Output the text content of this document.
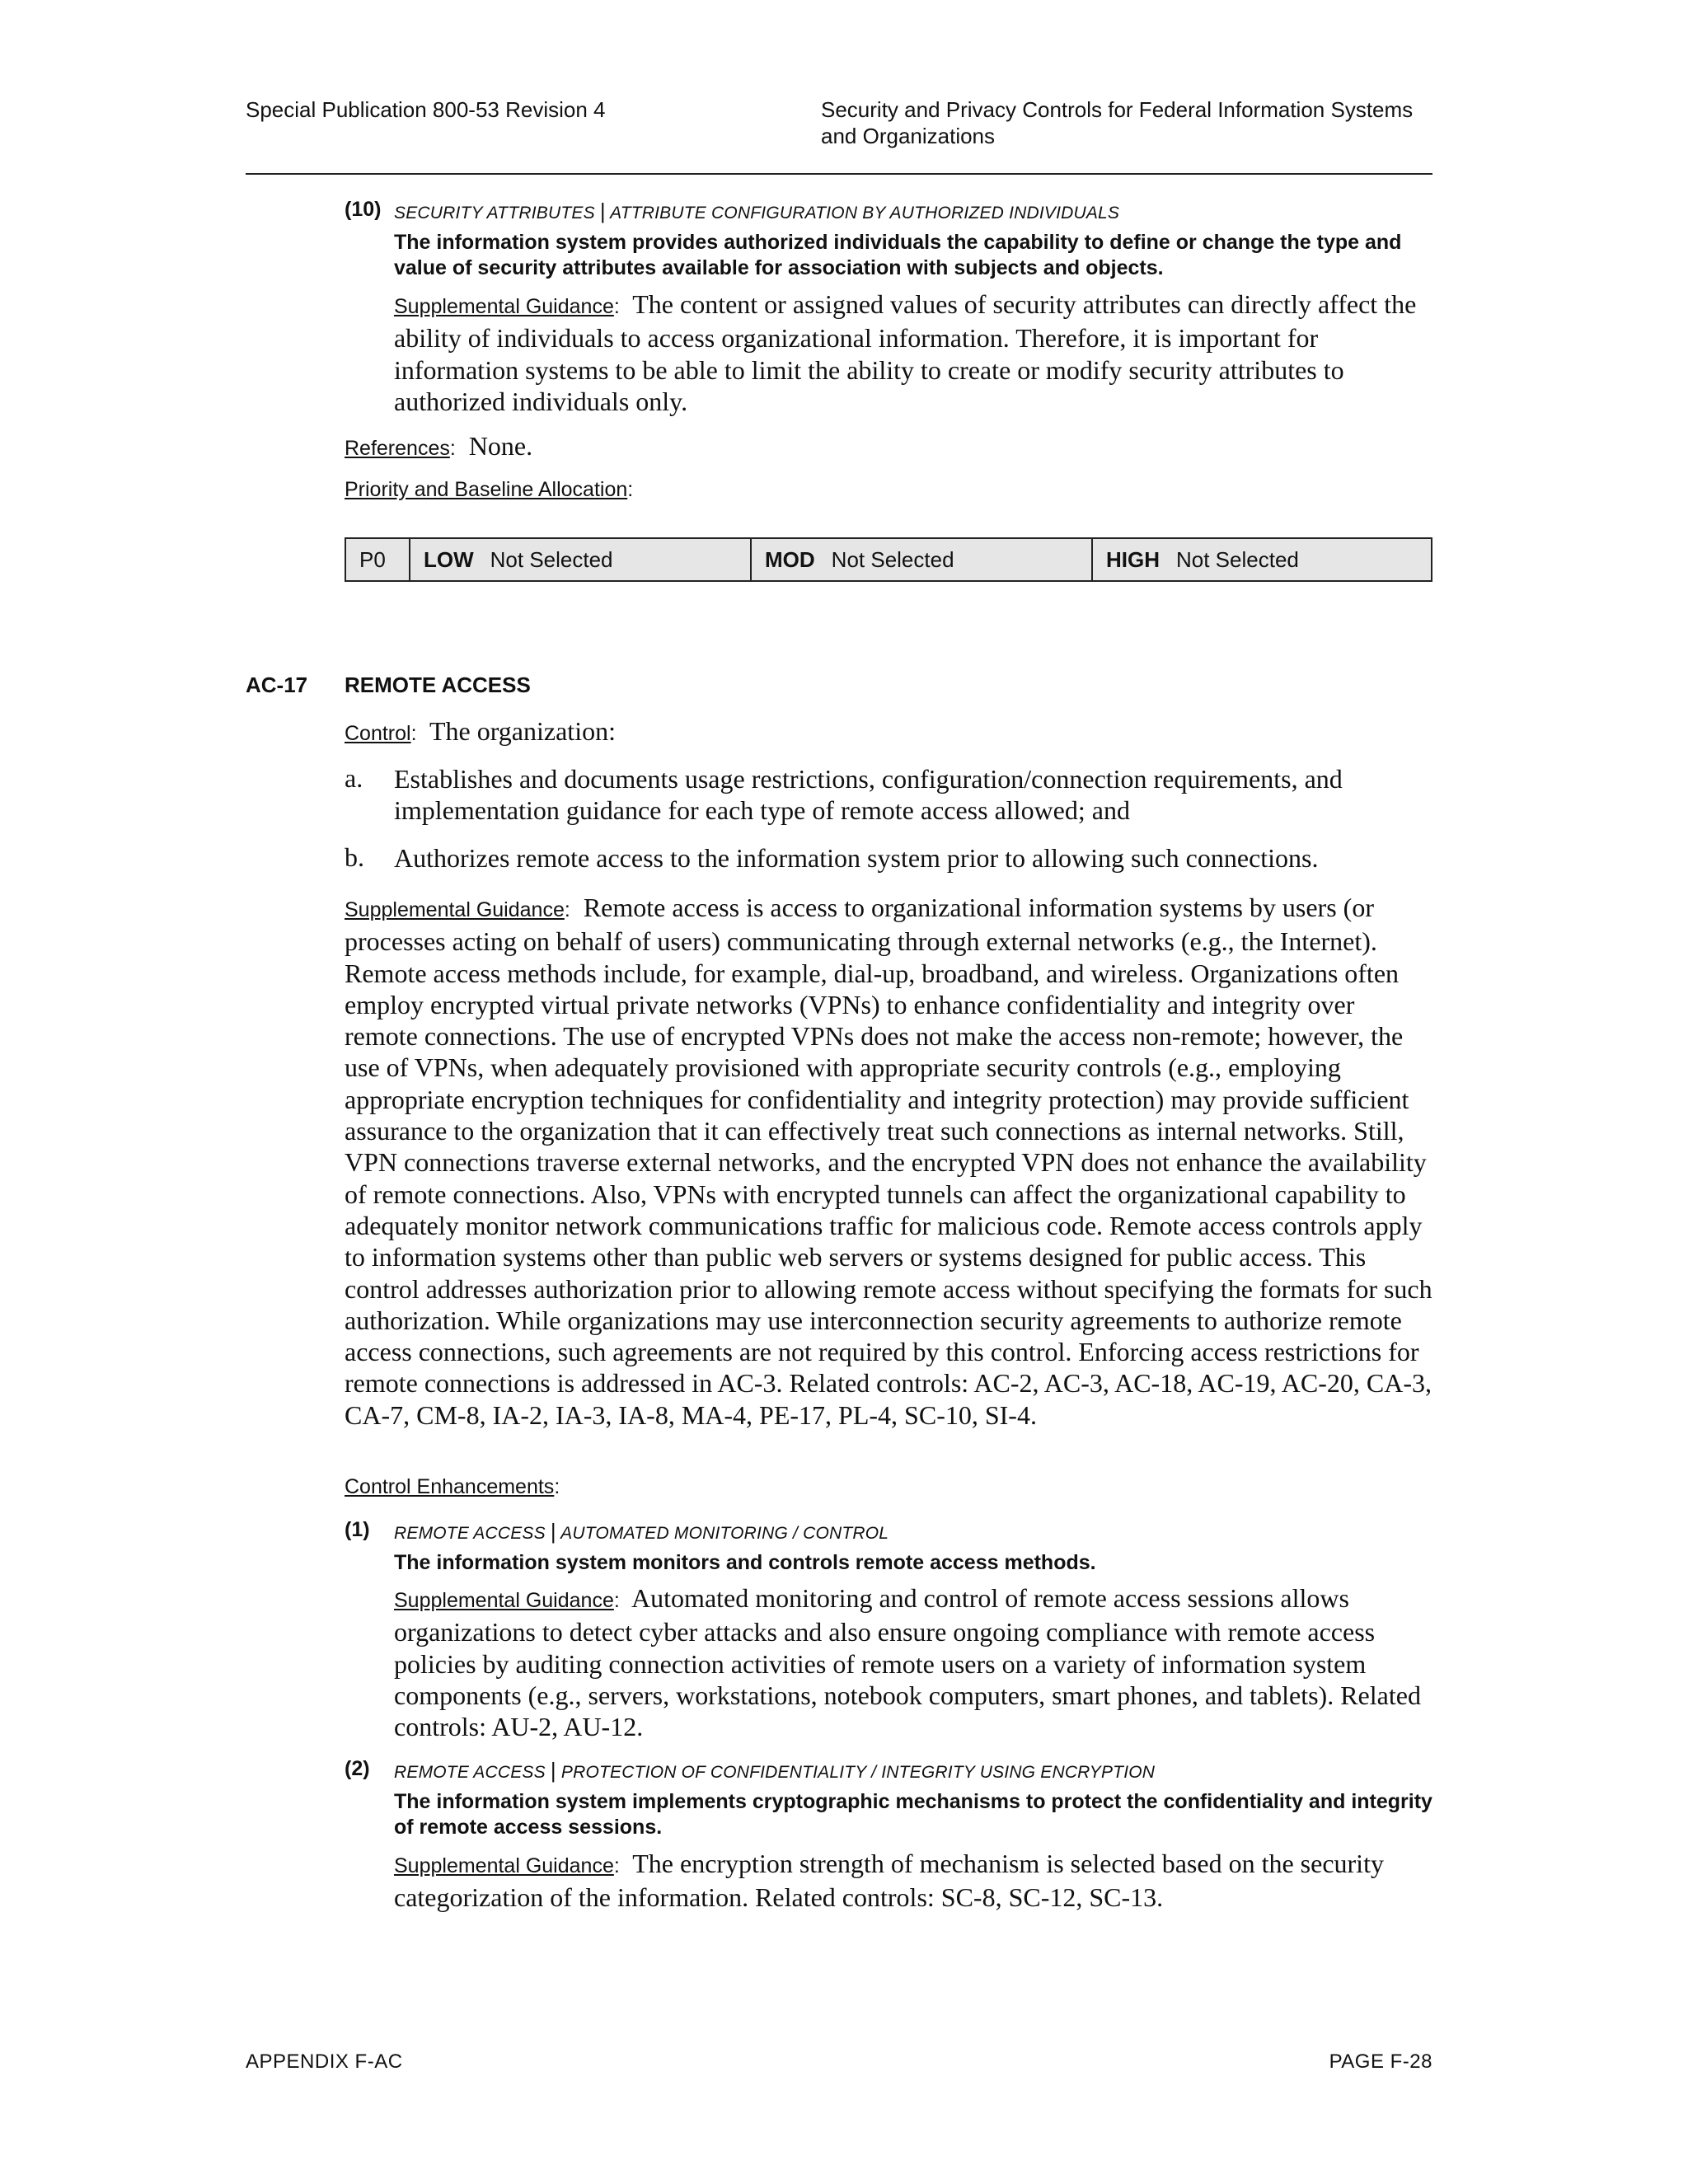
Special Publication 800-53 Revision 4	Security and Privacy Controls for Federal Information Systems
and Organizations
(10) SECURITY ATTRIBUTES | ATTRIBUTE CONFIGURATION BY AUTHORIZED INDIVIDUALS
The information system provides authorized individuals the capability to define or change the type and value of security attributes available for association with subjects and objects.
Supplemental Guidance: The content or assigned values of security attributes can directly affect the ability of individuals to access organizational information. Therefore, it is important for information systems to be able to limit the ability to create or modify security attributes to authorized individuals only.
References: None.
Priority and Baseline Allocation:
P0	LOW Not Selected	MOD Not Selected	HIGH Not Selected
AC-17 REMOTE ACCESS
Control: The organization:
a. Establishes and documents usage restrictions, configuration/connection requirements, and implementation guidance for each type of remote access allowed; and
b. Authorizes remote access to the information system prior to allowing such connections.
Supplemental Guidance: Remote access is access to organizational information systems by users (or processes acting on behalf of users) communicating through external networks (e.g., the Internet). Remote access methods include, for example, dial-up, broadband, and wireless. Organizations often employ encrypted virtual private networks (VPNs) to enhance confidentiality and integrity over remote connections. The use of encrypted VPNs does not make the access non-remote; however, the use of VPNs, when adequately provisioned with appropriate security controls (e.g., employing appropriate encryption techniques for confidentiality and integrity protection) may provide sufficient assurance to the organization that it can effectively treat such connections as internal networks. Still, VPN connections traverse external networks, and the encrypted VPN does not enhance the availability of remote connections. Also, VPNs with encrypted tunnels can affect the organizational capability to adequately monitor network communications traffic for malicious code. Remote access controls apply to information systems other than public web servers or systems designed for public access. This control addresses authorization prior to allowing remote access without specifying the formats for such authorization. While organizations may use interconnection security agreements to authorize remote access connections, such agreements are not required by this control. Enforcing access restrictions for remote connections is addressed in AC-3. Related controls: AC-2, AC-3, AC-18, AC-19, AC-20, CA-3, CA-7, CM-8, IA-2, IA-3, IA-8, MA-4, PE-17, PL-4, SC-10, SI-4.
Control Enhancements:
(1) REMOTE ACCESS | AUTOMATED MONITORING / CONTROL
The information system monitors and controls remote access methods.
Supplemental Guidance: Automated monitoring and control of remote access sessions allows organizations to detect cyber attacks and also ensure ongoing compliance with remote access policies by auditing connection activities of remote users on a variety of information system components (e.g., servers, workstations, notebook computers, smart phones, and tablets). Related controls: AU-2, AU-12.
(2) REMOTE ACCESS | PROTECTION OF CONFIDENTIALITY / INTEGRITY USING ENCRYPTION
The information system implements cryptographic mechanisms to protect the confidentiality and integrity of remote access sessions.
Supplemental Guidance: The encryption strength of mechanism is selected based on the security categorization of the information. Related controls: SC-8, SC-12, SC-13.
APPENDIX F-AC	PAGE F-28
